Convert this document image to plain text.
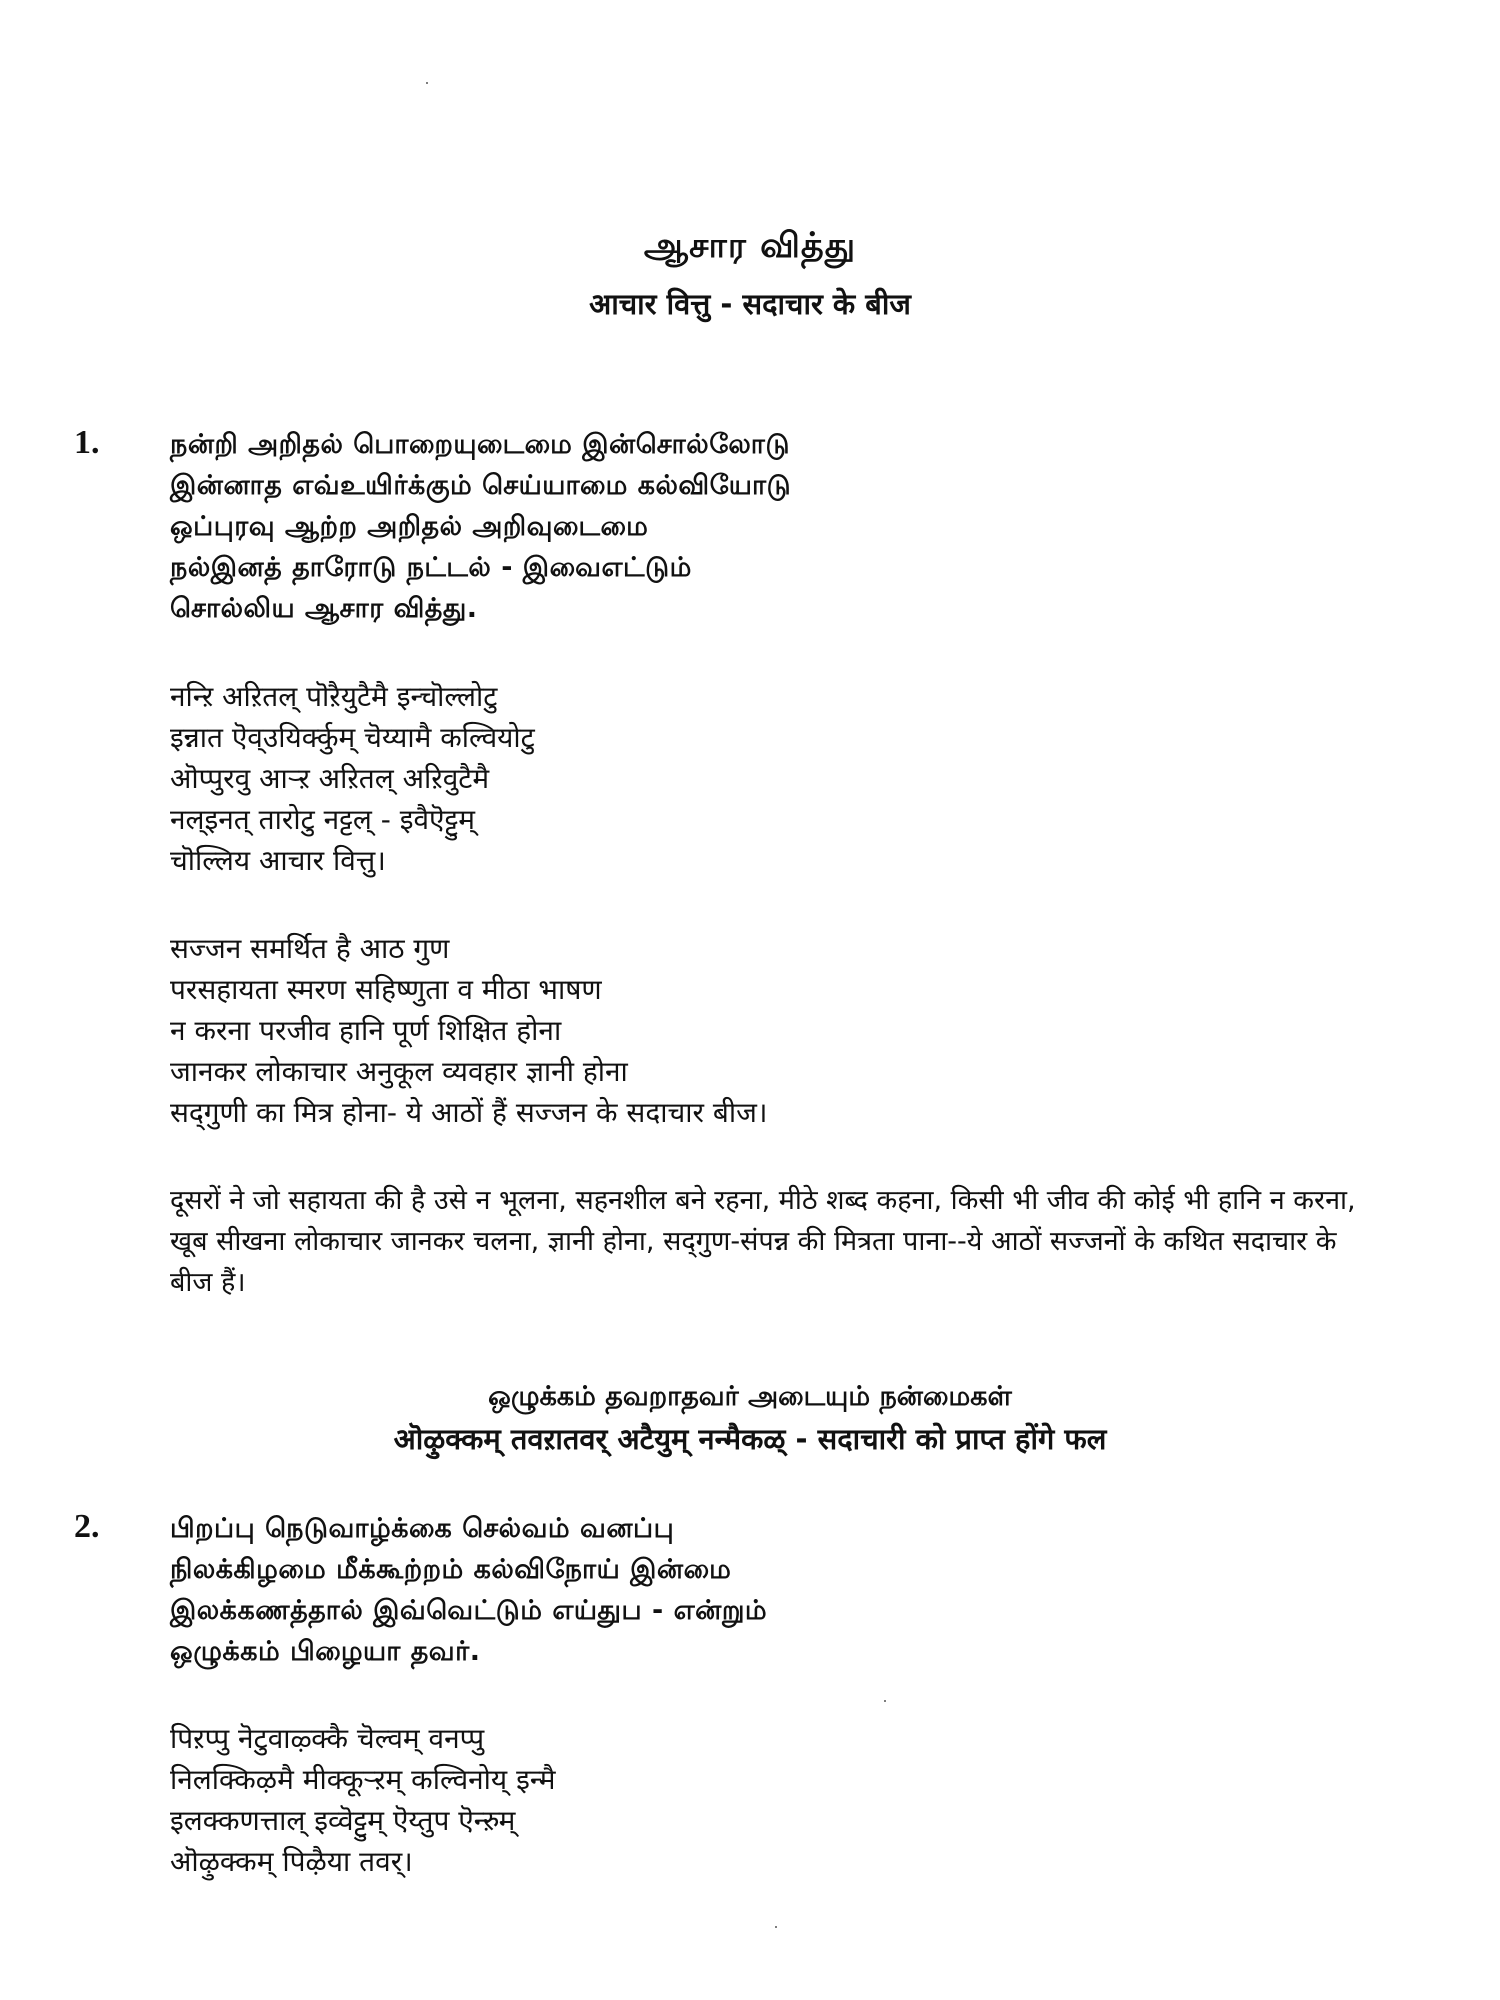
ஆசார வித்து
आचार वित्तु - सदाचार के बीज
1.	நன்றி அறிதல் பொறையுடைமை இன்சொல்லோடு
இன்னாத எவ்உயிர்க்கும் செய்யாமை கல்வியோடு
ஒப்புரவு ஆற்ற அறிதல் அறிவுடைமை
நல்இனத் தாரோடு நட்டல் - இவைஎட்டும்
சொல்லிய ஆசார வித்து.
नन्ऱि अऱितल् पॊऱैयुटैमै इन्चॊल्लोटु
इन्नात ऎव्उयिर्क्कुम् चॆय्यामै कल्वियोटु
ऒप्पुरवु आऱ्ऱ अऱितल् अऱिवुटैमै
नल्इनत् तारोटु नट्टल् - इवैऎट्टुम्
चॊल्लिय आचार वित्तु।
सज्जन समर्थित है आठ गुण
परसहायता स्मरण सहिष्णुता व मीठा भाषण
न करना परजीव हानि पूर्ण शिक्षित होना
जानकर लोकाचार अनुकूल व्यवहार ज्ञानी होना
सद्‌गुणी का मित्र होना- ये आठों हैं सज्जन के सदाचार बीज।
दूसरों ने जो सहायता की है उसे न भूलना, सहनशील बने रहना, मीठे शब्द कहना, किसी भी जीव की कोई भी हानि न करना, खूब सीखना लोकाचार जानकर चलना, ज्ञानी होना, सद्‌गुण-संपन्न की मित्रता पाना--ये आठों सज्जनों के कथित सदाचार के बीज हैं।
ஒழுக்கம் தவறாதவர் அடையும் நன்மைகள்
ऒऴुक्कम् तवऱातवर् अटैयुम् नन्मैकळ् - सदाचारी को प्राप्त होंगे फल
2.	பிறப்பு நெடுவாழ்க்கை செல்வம் வனப்பு
நிலக்கிழமை மீக்கூற்றம் கல்விநோய் இன்மை
இலக்கணத்தால் இவ்வெட்டும் எய்துப - என்றும்
ஒழுக்கம் பிழையா தவர்.
पिऱप्पु नॆटुवाऴ्क्कै चॆल्वम् वनप्पु
निलक्किऴमै मीक्कूऱ्ऱम् कल्विनोय् इन्मै
इलक्कणत्ताल् इव्वॆट्टुम् ऎय्तुप ऎन्ऱुम्
ऒऴुक्कम् पिऴैया तवर्।
